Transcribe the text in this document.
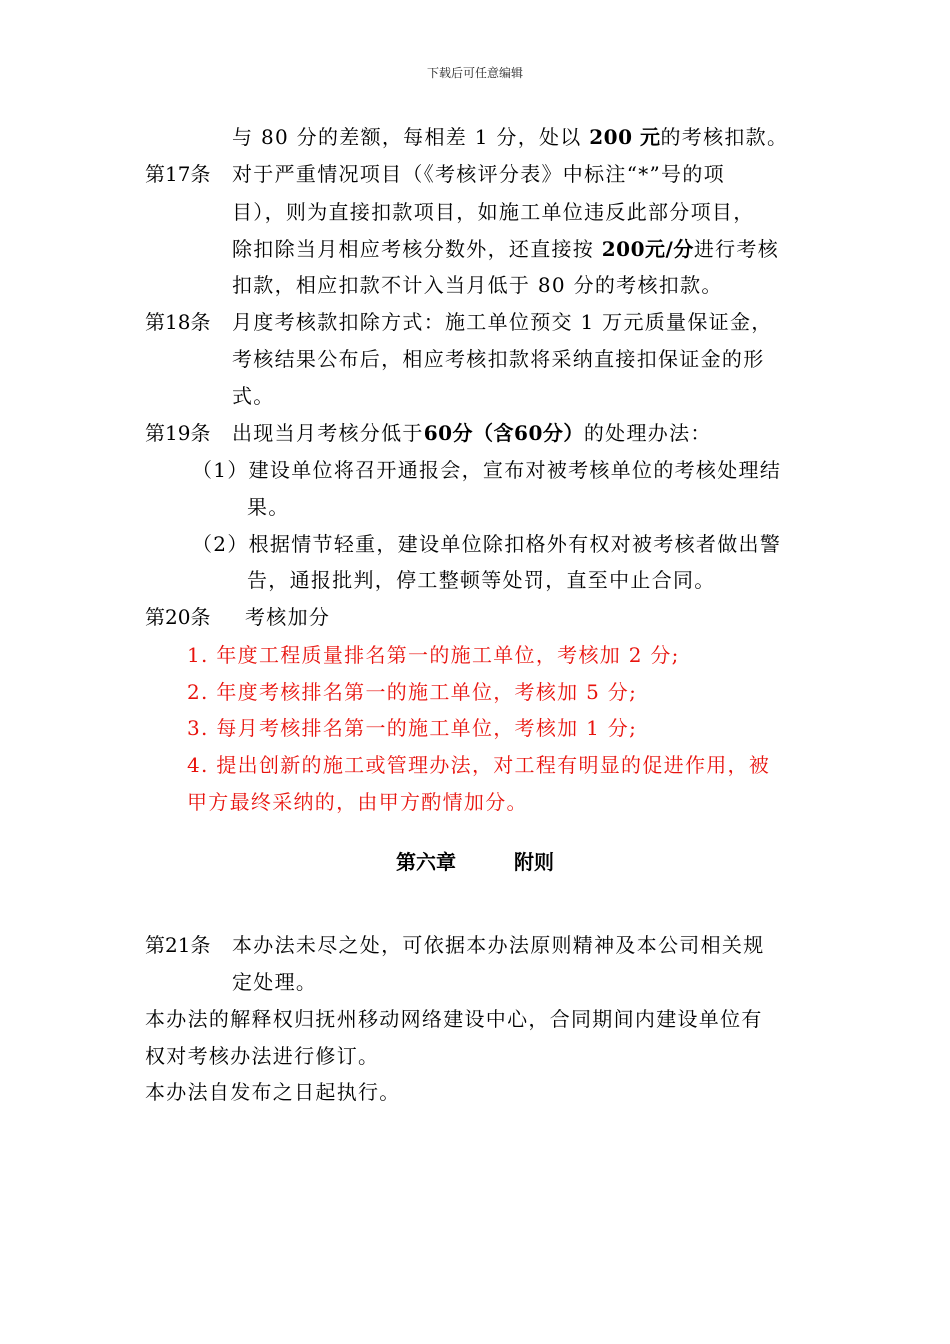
下载后可任意编辑
与 80 分的差额，每相差 1 分，处以 200 元的考核扣款。
第17条 对于严重情况项目（《考核评分表》中标注“*”号的项
目），则为直接扣款项目，如施工单位违反此部分项目，
除扣除当月相应考核分数外，还直接按 200元/分进行考核
扣款，相应扣款不计入当月低于 80 分的考核扣款。
第18条 月度考核款扣除方式：施工单位预交 1 万元质量保证金，
考核结果公布后，相应考核扣款将采纳直接扣保证金的形
式。
第19条 出现当月考核分低于60分（含60分）的处理办法：
（1）建设单位将召开通报会，宣布对被考核单位的考核处理结
果。
（2）根据情节轻重，建设单位除扣格外有权对被考核者做出警
告，通报批判，停工整顿等处罚，直至中止合同。
第20条 考核加分
1. 年度工程质量排名第一的施工单位，考核加 2 分;
2. 年度考核排名第一的施工单位，考核加 5 分;
3. 每月考核排名第一的施工单位，考核加 1 分;
4. 提出创新的施工或管理办法，对工程有明显的促进作用，被
甲方最终采纳的，由甲方酌情加分。
第21条 本办法未尽之处，可依据本办法原则精神及本公司相关规
定处理。
本办法的解释权归抚州移动网络建设中心，合同期间内建设单位有
权对考核办法进行修订。
本办法自发布之日起执行。
第六章	附则
